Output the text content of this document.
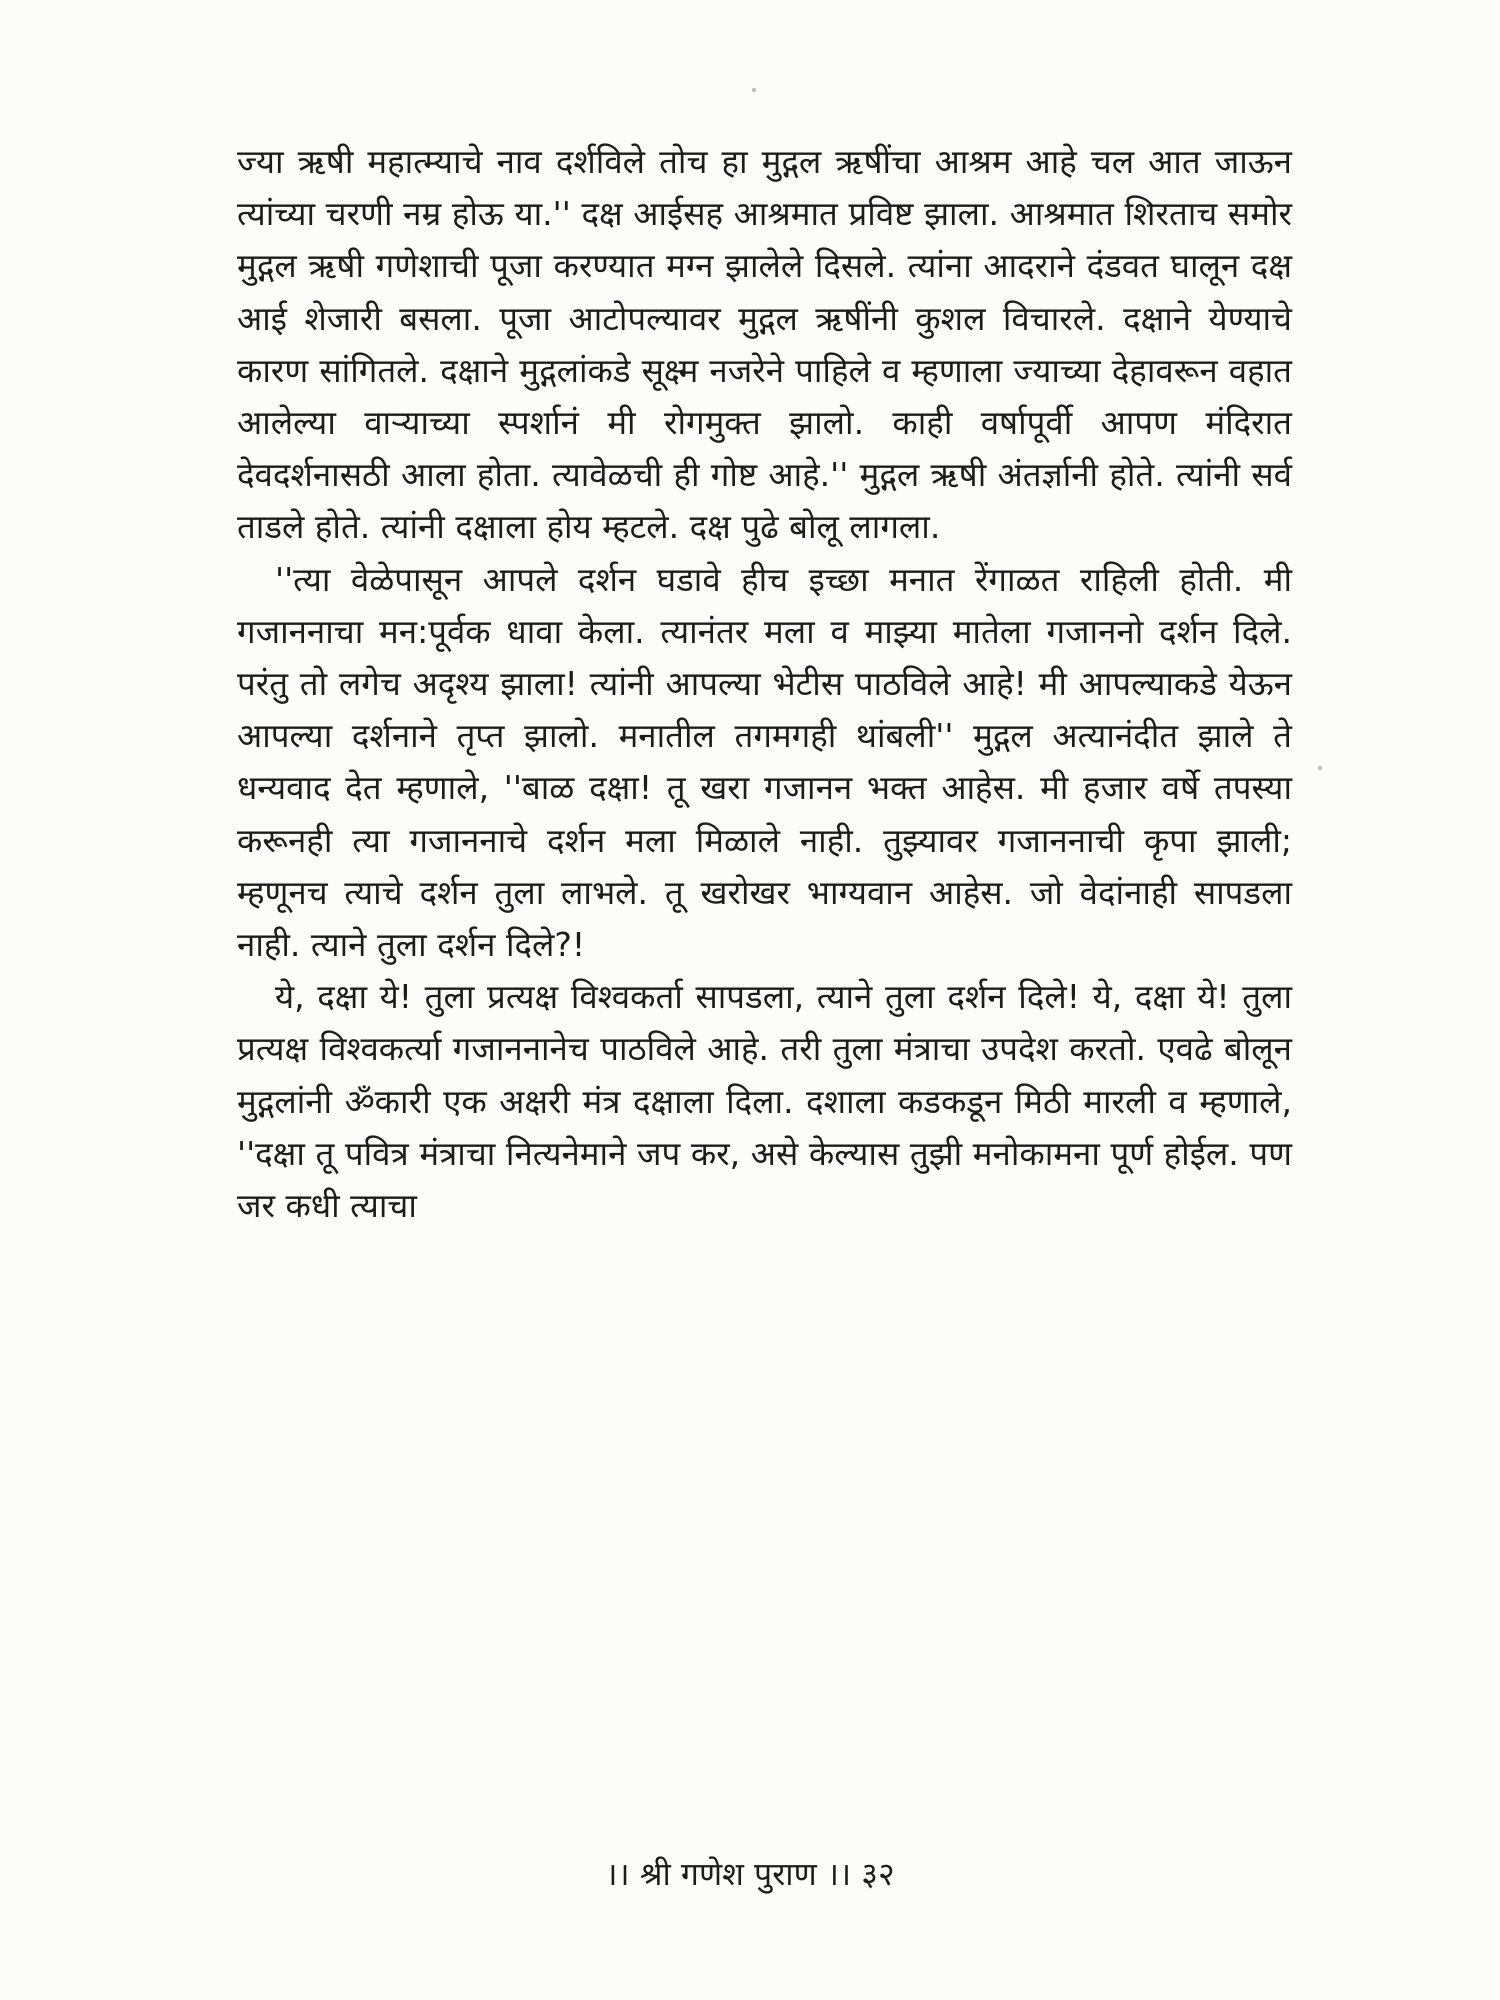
ज्या ऋषी महात्म्याचे नाव दर्शविले तोच हा मुद्गल ऋषींचा आश्रम आहे चल आत जाऊन त्यांच्या चरणी नम्र होऊ या.'' दक्ष आईसह आश्रमात प्रविष्ट झाला. आश्रमात शिरताच समोर मुद्गल ऋषी गणेशाची पूजा करण्यात मग्न झालेले दिसले. त्यांना आदराने दंडवत घालून दक्ष आई शेजारी बसला. पूजा आटोपल्यावर मुद्गल ऋषींनी कुशल विचारले. दक्षाने येण्याचे कारण सांगितले. दक्षाने मुद्गलांकडे सूक्ष्म नजरेने पाहिले व म्हणाला ज्याच्या देहावरून वहात आलेल्या वाऱ्याच्या स्पर्शानं मी रोगमुक्त झालो. काही वर्षापूर्वी आपण मंदिरात देवदर्शनासठी आला होता. त्यावेळची ही गोष्ट आहे.'' मुद्गल ऋषी अंतर्ज्ञानी होते. त्यांनी सर्व ताडले होते. त्यांनी दक्षाला होय म्हटले. दक्ष पुढे बोलू लागला.

''त्या वेळेपासून आपले दर्शन घडावे हीच इच्छा मनात रेंगाळत राहिली होती. मी गजाननाचा मन:पूर्वक धावा केला. त्यानंतर मला व माझ्या मातेला गजाननो दर्शन दिले. परंतु तो लगेच अदृश्य झाला! त्यांनी आपल्या भेटीस पाठविले आहे! मी आपल्याकडे येऊन आपल्या दर्शनाने तृप्त झालो. मनातील तगमगही थांबली'' मुद्गल अत्यानंदीत झाले ते धन्यवाद देत म्हणाले, ''बाळ दक्षा! तू खरा गजानन भक्त आहेस. मी हजार वर्षे तपस्या करूनही त्या गजाननाचे दर्शन मला मिळाले नाही. तुझ्यावर गजाननाची कृपा झाली; म्हणूनच त्याचे दर्शन तुला लाभले. तू खरोखर भाग्यवान आहेस. जो वेदांनाही सापडला नाही. त्याने तुला दर्शन दिले?!

ये, दक्षा ये! तुला प्रत्यक्ष विश्वकर्ता सापडला, त्याने तुला दर्शन दिले! ये, दक्षा ये! तुला प्रत्यक्ष विश्वकर्त्या गजाननानेच पाठविले आहे. तरी तुला मंत्राचा उपदेश करतो. एवढे बोलून मुद्गलांनी ॐकारी एक अक्षरी मंत्र दक्षाला दिला. दशाला कडकडून मिठी मारली व म्हणाले, ''दक्षा तू पवित्र मंत्राचा नित्यनेमाने जप कर, असे केल्यास तुझी मनोकामना पूर्ण होईल. पण जर कधी त्याचा

।। श्री गणेश पुराण ।। ३२
